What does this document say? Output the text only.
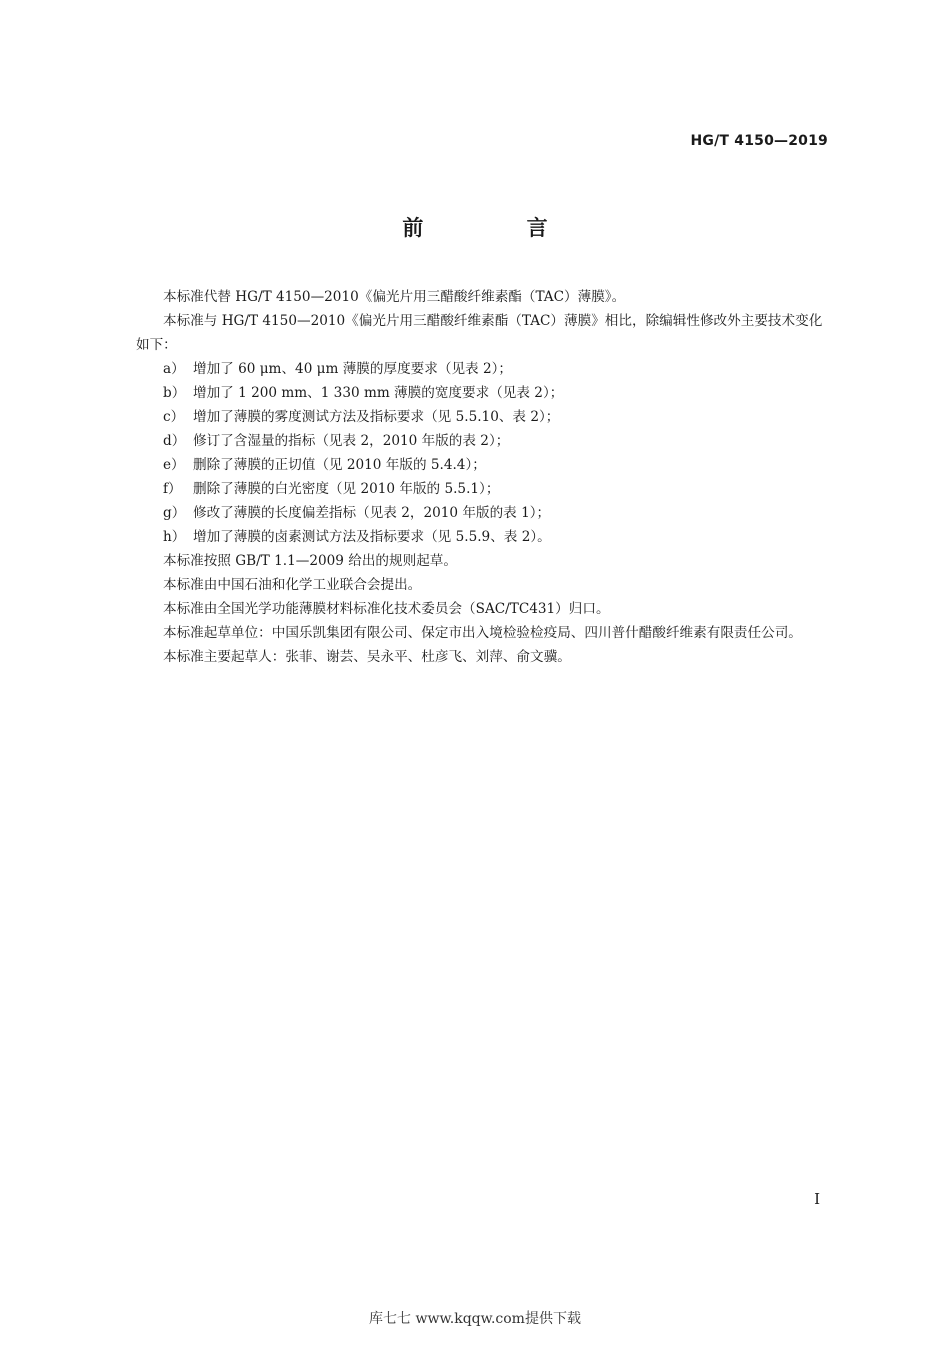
HG/T 4150—2019
前 言

本标准代替 HG/T 4150—2010《偏光片用三醋酸纤维素酯（TAC）薄膜》。

本标准与 HG/T 4150—2010《偏光片用三醋酸纤维素酯（TAC）薄膜》相比，除编辑性修改外主要技术变化如下：

a） 增加了 60 μm、40 μm 薄膜的厚度要求（见表 2）；

b） 增加了 1 200 mm、1 330 mm 薄膜的宽度要求（见表 2）；

c） 增加了薄膜的雾度测试方法及指标要求（见 5.5.10、表 2）；

d） 修订了含湿量的指标（见表 2，2010 年版的表 2）；

e） 删除了薄膜的正切值（见 2010 年版的 5.4.4）；

f） 删除了薄膜的白光密度（见 2010 年版的 5.5.1）；

g） 修改了薄膜的长度偏差指标（见表 2，2010 年版的表 1）；

h） 增加了薄膜的卤素测试方法及指标要求（见 5.5.9、表 2）。

本标准按照 GB/T 1.1—2009 给出的规则起草。

本标准由中国石油和化学工业联合会提出。

本标准由全国光学功能薄膜材料标准化技术委员会（SAC/TC431）归口。

本标准起草单位：中国乐凯集团有限公司、保定市出入境检验检疫局、四川普什醋酸纤维素有限责任公司。

本标准主要起草人：张菲、谢芸、吴永平、杜彦飞、刘萍、俞文骥。

I
库七七 www.kqqw.com提供下载
